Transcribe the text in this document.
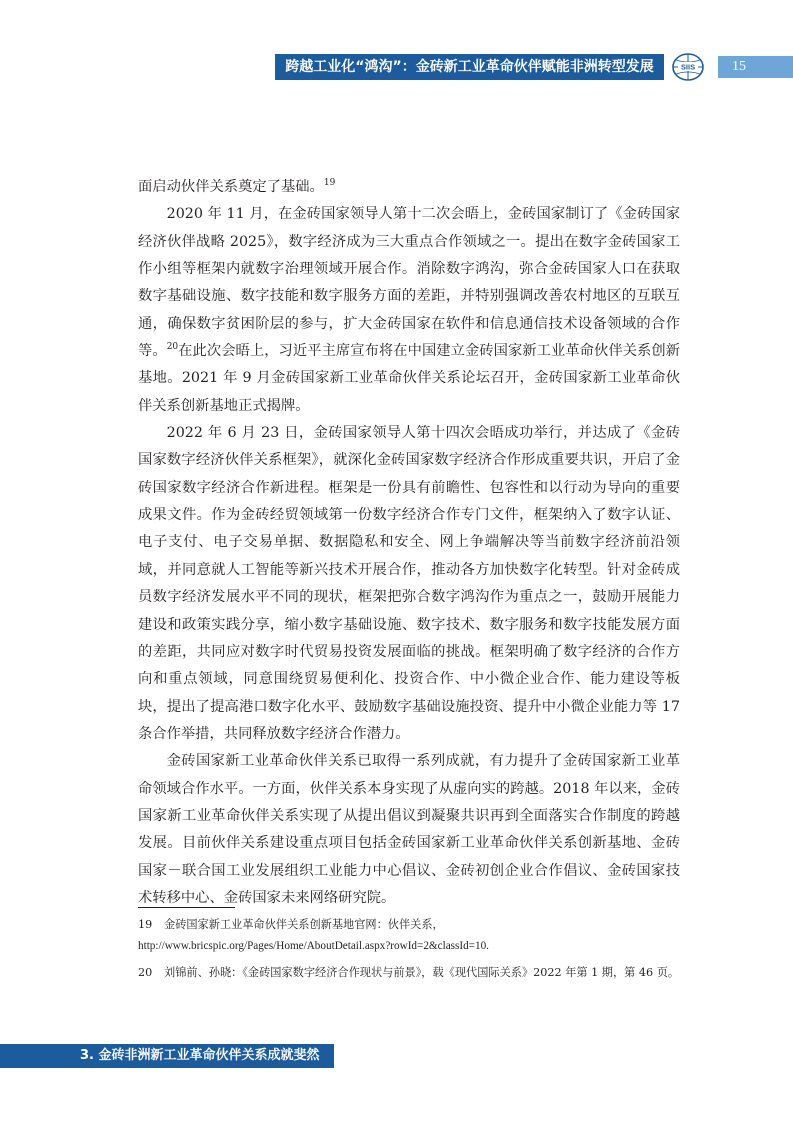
跨越工业化“鸿沟”：金砖新工业革命伙伴赋能非洲转型发展	SIIS	15

面启动伙伴关系奠定了基础。$^{19}$

2020 年 11 月，在金砖国家领导人第十二次会晤上，金砖国家制订了《金砖国家经济伙伴战略 2025》，数字经济成为三大重点合作领域之一。提出在数字金砖国家工作小组等框架内就数字治理领域开展合作。消除数字鸿沟，弥合金砖国家人口在获取数字基础设施、数字技能和数字服务方面的差距，并特别强调改善农村地区的互联互通，确保数字贫困阶层的参与，扩大金砖国家在软件和信息通信技术设备领域的合作等。$^{20}$在此次会晤上，习近平主席宣布将在中国建立金砖国家新工业革命伙伴关系创新基地。2021 年 9 月金砖国家新工业革命伙伴关系论坛召开，金砖国家新工业革命伙伴关系创新基地正式揭牌。

2022 年 6 月 23 日，金砖国家领导人第十四次会晤成功举行，并达成了《金砖国家数字经济伙伴关系框架》，就深化金砖国家数字经济合作形成重要共识，开启了金砖国家数字经济合作新进程。框架是一份具有前瞻性、包容性和以行动为导向的重要成果文件。作为金砖经贸领域第一份数字经济合作专门文件，框架纳入了数字认证、电子支付、电子交易单据、数据隐私和安全、网上争端解决等当前数字经济前沿领域，并同意就人工智能等新兴技术开展合作，推动各方加快数字化转型。针对金砖成员数字经济发展水平不同的现状，框架把弥合数字鸿沟作为重点之一，鼓励开展能力建设和政策实践分享，缩小数字基础设施、数字技术、数字服务和数字技能发展方面的差距，共同应对数字时代贸易投资发展面临的挑战。框架明确了数字经济的合作方向和重点领域，同意围绕贸易便利化、投资合作、中小微企业合作、能力建设等板块，提出了提高港口数字化水平、鼓励数字基础设施投资、提升中小微企业能力等 17 条合作举措，共同释放数字经济合作潜力。

金砖国家新工业革命伙伴关系已取得一系列成就，有力提升了金砖国家新工业革命领域合作水平。一方面，伙伴关系本身实现了从虚向实的跨越。2018 年以来，金砖国家新工业革命伙伴关系实现了从提出倡议到凝聚共识再到全面落实合作制度的跨越发展。目前伙伴关系建设重点项目包括金砖国家新工业革命伙伴关系创新基地、金砖国家－联合国工业发展组织工业能力中心倡议、金砖初创企业合作倡议、金砖国家技术转移中心、金砖国家未来网络研究院。

19 金砖国家新工业革命伙伴关系创新基地官网：伙伴关系，
http://www.bricspic.org/Pages/Home/AboutDetail.aspx?rowId=2&classId=10.
20 刘锦前、孙晓：《金砖国家数字经济合作现状与前景》，载《现代国际关系》2022 年第 1 期，第 46 页。
3. 金砖非洲新工业革命伙伴关系成就斐然
